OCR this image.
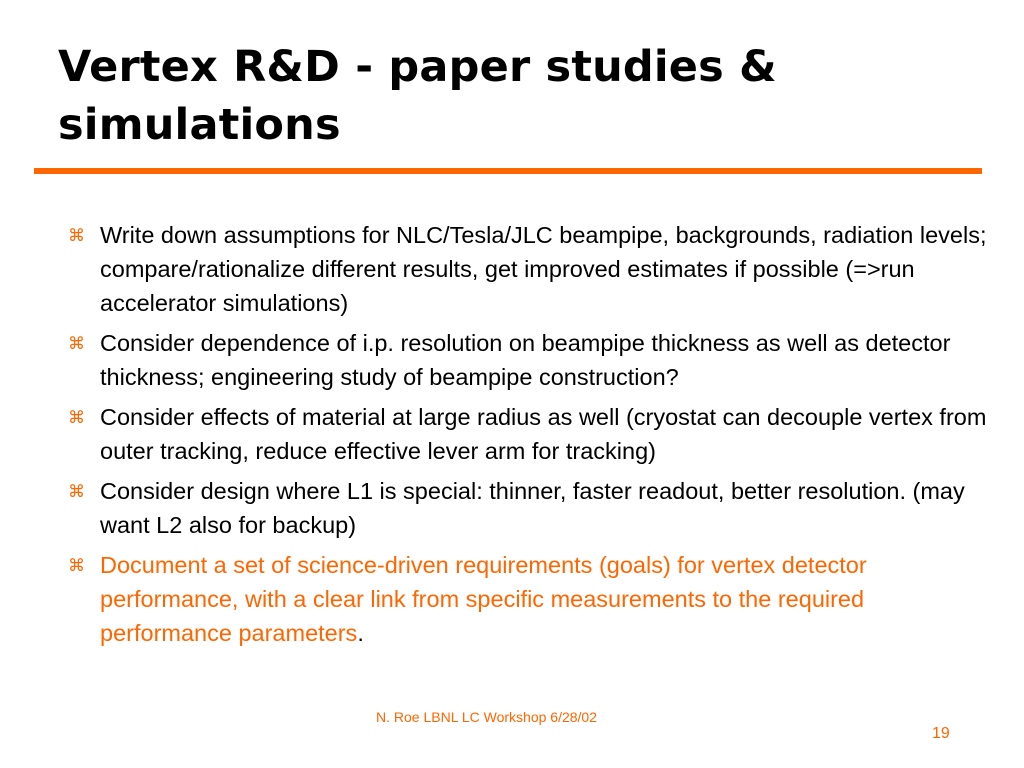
Vertex R&D - paper studies & simulations
⌘ Write down assumptions for NLC/Tesla/JLC beampipe, backgrounds, radiation levels; compare/rationalize different results, get improved estimates if possible (=>run accelerator simulations)
⌘ Consider dependence of i.p. resolution on beampipe thickness as well as detector thickness; engineering study of beampipe construction?
⌘ Consider effects of material at large radius as well (cryostat can decouple vertex from outer tracking, reduce effective lever arm for tracking)
⌘ Consider design where L1 is special: thinner, faster readout, better resolution. (may want L2 also for backup)
⌘ Document a set of science-driven requirements (goals) for vertex detector performance, with a clear link from specific measurements to the required performance parameters.
N. Roe LBNL LC Workshop 6/28/02
19
